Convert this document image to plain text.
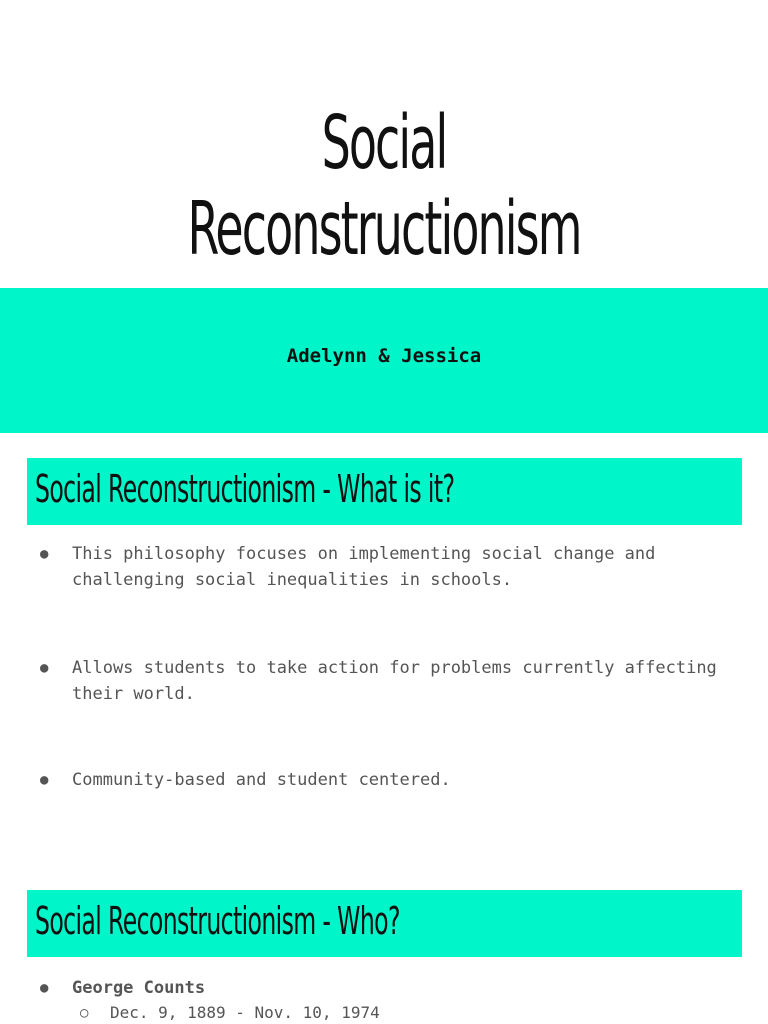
Social Reconstructionism
Adelynn & Jessica
Social Reconstructionism - What is it?
● This philosophy focuses on implementing social change and challenging social inequalities in schools.
● Allows students to take action for problems currently affecting their world.
● Community-based and student centered.
Social Reconstructionism - Who?
● George Counts
○ Dec. 9, 1889 - Nov. 10, 1974
